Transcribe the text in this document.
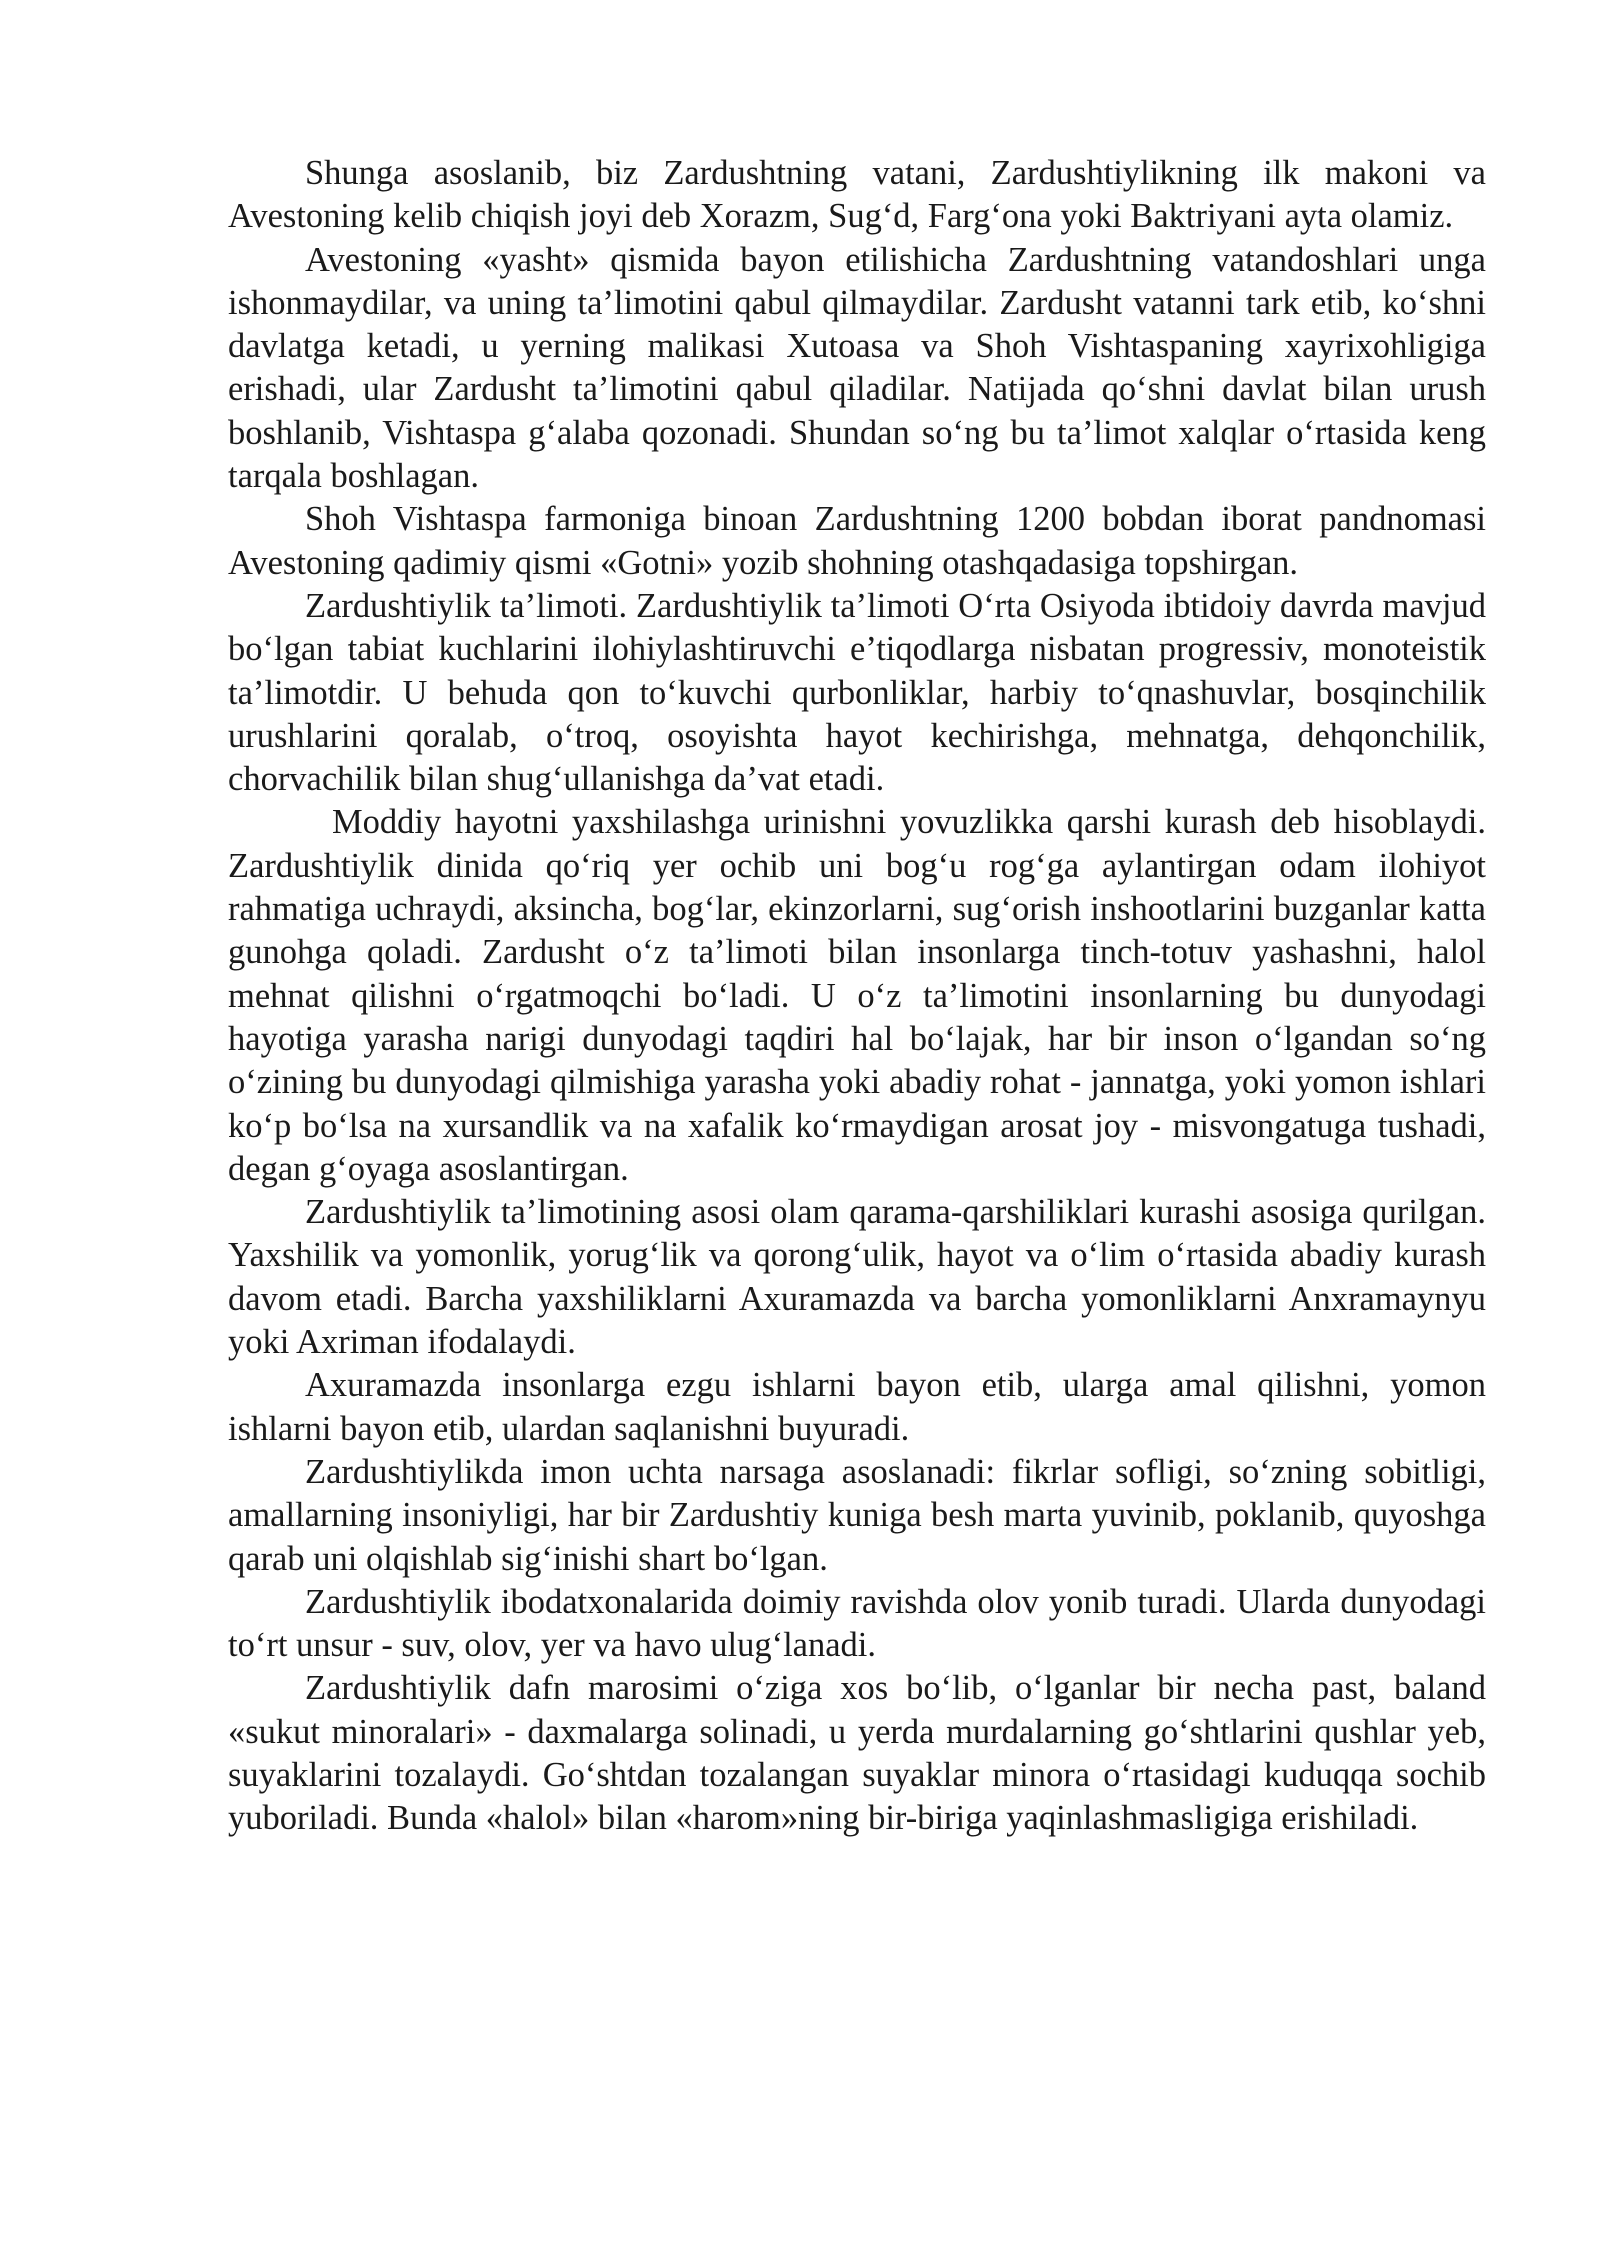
Shunga asoslanib, biz Zardushtning vatani, Zardushtiylikning ilk makoni va Avestoning kelib chiqish joyi deb Xorazm, Sug‘d, Farg‘ona yoki Baktriyani ayta olamiz.

Avestoning «yasht» qismida bayon etilishicha Zardushtning vatandoshlari unga ishonmaydilar, va uning ta’limotini qabul qilmaydilar. Zardusht vatanni tark etib, ko‘shni davlatga ketadi, u yerning malikasi Xutoasa va Shoh Vishtaspaning xayrixohligiga erishadi, ular Zardusht ta’limotini qabul qiladilar. Natijada qo‘shni davlat bilan urush boshlanib, Vishtaspa g‘alaba qozonadi. Shundan so‘ng bu ta’limot xalqlar o‘rtasida keng tarqala boshlagan.

Shoh Vishtaspa farmoniga binoan Zardushtning 1200 bobdan iborat pandnomasi Avestoning qadimiy qismi «Gotni» yozib shohning otashqadasiga topshirgan.

Zardushtiylik ta’limoti. Zardushtiylik ta’limoti O‘rta Osiyoda ibtidoiy davrda mavjud bo‘lgan tabiat kuchlarini ilohiylashtiruvchi e’tiqodlarga nisbatan progressiv, monoteistik ta’limotdir. U behuda qon to‘kuvchi qurbonliklar, harbiy to‘qnashuvlar, bosqinchilik urushlarini qoralab, o‘troq, osoyishta hayot kechirishga, mehnatga, dehqonchilik, chorvachilik bilan shug‘ullanishga da’vat etadi.

Moddiy hayotni yaxshilashga urinishni yovuzlikka qarshi kurash deb hisoblaydi. Zardushtiylik dinida qo‘riq yer ochib uni bog‘u rog‘ga aylantirgan odam ilohiyot rahmatiga uchraydi, aksincha, bog‘lar, ekinzorlarni, sug‘orish inshootlarini buzganlar katta gunohga qoladi. Zardusht o‘z ta’limoti bilan insonlarga tinch-totuv yashashni, halol mehnat qilishni o‘rgatmoqchi bo‘ladi. U o‘z ta’limotini insonlarning bu dunyodagi hayotiga yarasha narigi dunyodagi taqdiri hal bo‘lajak, har bir inson o‘lgandan so‘ng o‘zining bu dunyodagi qilmishiga yarasha yoki abadiy rohat - jannatga, yoki yomon ishlari ko‘p bo‘lsa na xursandlik va na xafalik ko‘rmaydigan arosat joy - misvongatuga tushadi, degan g‘oyaga asoslantirgan.

Zardushtiylik ta’limotining asosi olam qarama-qarshiliklari kurashi asosiga qurilgan. Yaxshilik va yomonlik, yorug‘lik va qorong‘ulik, hayot va o‘lim o‘rtasida abadiy kurash davom etadi. Barcha yaxshiliklarni Axuramazda va barcha yomonliklarni Anxramaynyu yoki Axriman ifodalaydi.

Axuramazda insonlarga ezgu ishlarni bayon etib, ularga amal qilishni, yomon ishlarni bayon etib, ulardan saqlanishni buyuradi.

Zardushtiylikda imon uchta narsaga asoslanadi: fikrlar sofligi, so‘zning sobitligi, amallarning insoniyligi, har bir Zardushtiy kuniga besh marta yuvinib, poklanib, quyoshga qarab uni olqishlab sig‘inishi shart bo‘lgan.

Zardushtiylik ibodatxonalarida doimiy ravishda olov yonib turadi. Ularda dunyodagi to‘rt unsur - suv, olov, yer va havo ulug‘lanadi.

Zardushtiylik dafn marosimi o‘ziga xos bo‘lib, o‘lganlar bir necha past, baland «sukut minoralari» - daxmalarga solinadi, u yerda murdalarning go‘shtlarini qushlar yeb, suyaklarini tozalaydi. Go‘shtdan tozalangan suyaklar minora o‘rtasidagi kuduqqa sochib yuboriladi. Bunda «halol» bilan «harom»ning bir-biriga yaqinlashmasligiga erishiladi.
